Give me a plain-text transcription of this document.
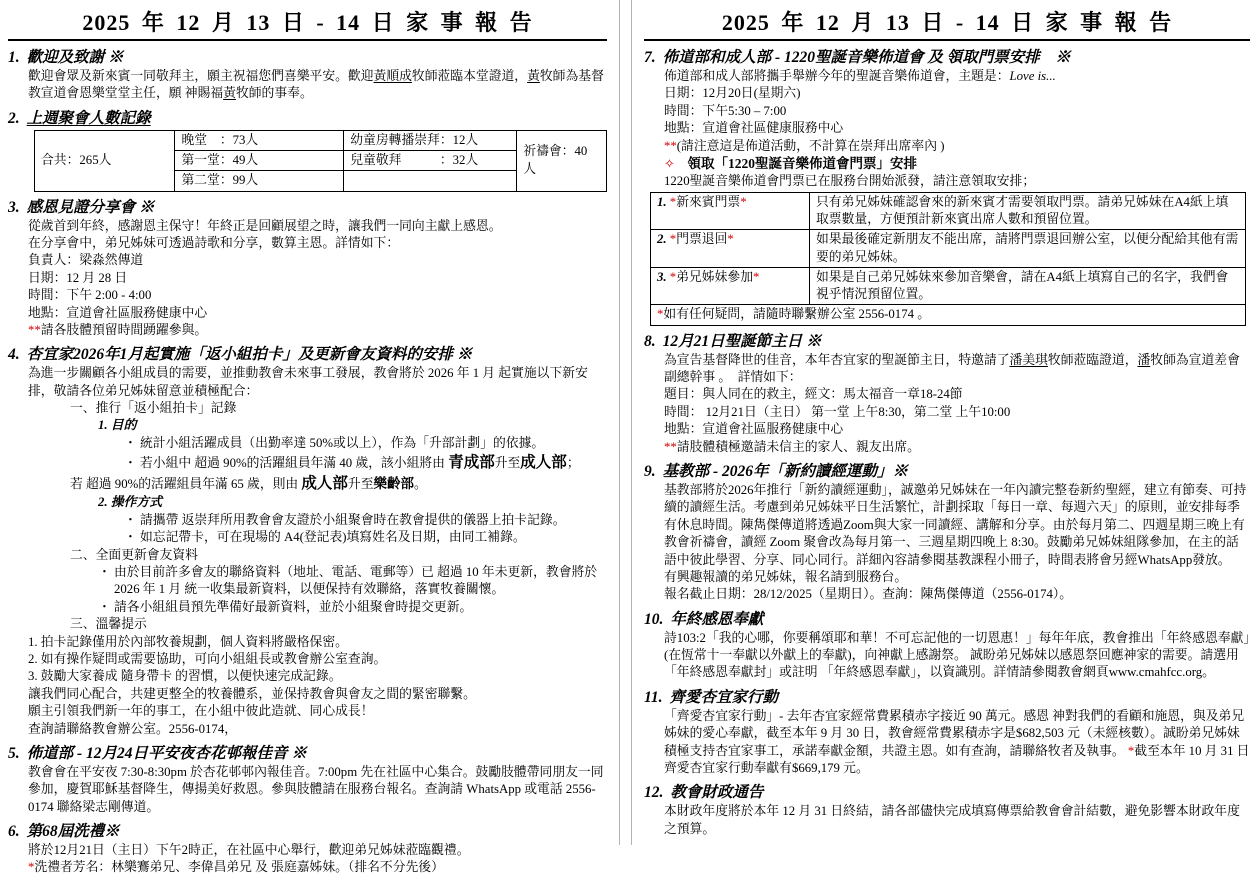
2025 年 12 月 13 日 - 14 日 家 事 報 告
1. 歡迎及致謝 ※
歡迎會眾及新來賓一同敬拜主，願主祝福您們喜樂平安。歡迎黃順成牧師蒞臨本堂證道，黃牧師為基督教宣道會恩樂堂堂主任，願 神賜福黃牧師的事奉。
2. 上週聚會人數記錄
合共：265人	晚堂　：73人	幼童房轉播崇拜：12人	祈禱會：40人
	第一堂：49人	兒童敬拜　　　：32人	
	第二堂：99人		
3. 感恩見證分享會 ※
從歲首到年終，感謝恩主保守！年終正是回顧展望之時，讓我們一同向主獻上感恩。
在分享會中，弟兄姊妹可透過詩歌和分享，數算主恩。詳情如下：
負責人：梁淼然傳道
日期：12 月 28 日
時間：下午 2:00 - 4:00
地點：宣道會社區服務健康中心
**請各肢體預留時間踴躍參與。
4. 杏宜家2026年1月起實施「返小組拍卡」及更新會友資料的安排 ※
為進一步關顧各小組成員的需要，並推動教會未來事工發展，教會將於 2026 年 1 月 起實施以下新安排，敬請各位弟兄姊妹留意並積極配合：
一、推行「返小組拍卡」記錄
1. 目的
・ 統計小組活躍成員（出勤率達 50%或以上），作為「升部計劃」的依據。
・ 若小組中 超過 90%的活躍組員年滿 40 歲，該小組將由 青成部升至成人部；
若 超過 90%的活躍組員年滿 65 歲，則由 成人部升至樂齡部。
2. 操作方式
・ 請攜帶 返崇拜所用教會會友證於小組聚會時在教會提供的儀器上拍卡記錄。
・ 如忘記帶卡，可在現場的 A4(登記表)填寫姓名及日期，由同工補錄。
二、全面更新會友資料
・ 由於目前許多會友的聯絡資料（地址、電話、電郵等）已 超過 10 年未更新，教會將於 2026 年 1 月 統一收集最新資料，以便保持有效聯絡，落實牧養關懷。
・ 請各小組組員預先準備好最新資料，並於小組聚會時提交更新。
三、溫馨提示
1. 拍卡記錄僅用於內部牧養規劃，個人資料將嚴格保密。
2. 如有操作疑問或需要協助，可向小組組長或教會辦公室查詢。
3. 鼓勵大家養成 隨身帶卡 的習慣，以便快速完成記錄。
讓我們同心配合，共建更整全的牧養體系，並保持教會與會友之間的緊密聯繫。
願主引領我們新一年的事工，在小組中彼此造就、同心成長！
查詢請聯絡教會辦公室。2556-0174，
5. 佈道部 - 12月24日平安夜杏花邨報佳音 ※
教會會在平安夜 7:30-8:30pm 於杏花邨邨內報佳音。7:00pm 先在社區中心集合。鼓勵肢體帶同朋友一同參加，慶賀耶穌基督降生，傳揚美好救恩。參與肢體請在服務台報名。查詢請 WhatsApp 或電話 2556-0174 聯絡梁志剛傳道。
6. 第68屆洗禮※
將於12月21日（主日）下午2時正，在社區中心舉行，歡迎弟兄姊妹蒞臨觀禮。
*洗禮者芳名：林樂鶱弟兄、李偉昌弟兄 及 張庭嘉姊妹。（排名不分先後）
2025 年 12 月 13 日 - 14 日 家 事 報 告
7. 佈道部和成人部 - 1220聖誕音樂佈道會 及 領取門票安排　※
佈道部和成人部將攜手舉辦今年的聖誕音樂佈道會，主題是：Love is...
日期：12月20日(星期六)
時間：下午5:30 – 7:00
地點：宣道會社區健康服務中心
**(請注意這是佈道活動，不計算在崇拜出席率內 )
✧　 領取「1220聖誕音樂佈道會門票」安排
1220聖誕音樂佈道會門票已在服務台開始派發，請注意領取安排；
1. *新來賓門票*	只有弟兄姊妹確認會來的新來賓才需要領取門票。請弟兄姊妹在A4紙上填取票數量，方便預計新來賓出席人數和預留位置。
2. *門票退回*	如果最後確定新朋友不能出席，請將門票退回辦公室，以便分配給其他有需要的弟兄姊妹。
3. *弟兄姊妹參加*	如果是自己弟兄姊妹來參加音樂會，請在A4紙上填寫自己的名字，我們會視乎情況預留位置。
*如有任何疑問，請隨時聯繫辦公室 2556-0174 。	
8. 12月21日聖誕節主日 ※
為宣告基督降世的佳音，本年杏宜家的聖誕節主日，特邀請了潘美琪牧師蒞臨證道，潘牧師為宣道差會副總幹事 。　詳情如下：
題目：與人同在的救主，經文：馬太福音一章18-24節
時間： 12月21日（主日） 第一堂 上午8:30，第二堂 上午10:00
地點：宣道會社區服務健康中心
**請肢體積極邀請未信主的家人、親友出席。
9. 基教部 - 2026年「新約讀經運動」※
基教部將於2026年推行「新約讀經運動」，誠邀弟兄姊妹在一年內讀完整卷新約聖經，建立有節奏、可持續的讀經生活。考慮到弟兄姊妹平日生活繁忙，計劃採取「每日一章、每週六天」的原則，並安排每季有休息時間。陳雋傑傳道將透過Zoom與大家一同讀經、講解和分享。由於每月第二、四週星期三晚上有教會祈禱會，讀經 Zoom 聚會改為每月第一、三週星期四晚上 8:30。鼓勵弟兄姊妹組隊參加，在主的話語中彼此學習、分享、同心同行。詳細內容請參閱基教課程小冊子，時間表將會另經WhatsApp發放。
有興趣報讀的弟兄姊妹，報名請到服務台。
報名截止日期：28/12/2025（星期日）。查詢：陳雋傑傳道（2556-0174）。
10. 年終感恩奉獻
詩103:2「我的心哪，你要稱頌耶和華！不可忘記他的一切恩惠！」每年年底，教會推出「年終感恩奉獻」(在恆常十一奉獻以外獻上的奉獻)，向神獻上感謝祭。 誠盼弟兄姊妹以感恩祭回應神家的需要。請選用「年終感恩奉獻封」或註明 「年終感恩奉獻」，以資識別。詳情請參閱教會網頁www.cmahfcc.org。
11. 齊愛杏宜家行動
「齊愛杏宜家行動」- 去年杏宜家經常費累積赤字接近 90 萬元。感恩 神對我們的看顧和施恩，與及弟兄姊妹的愛心奉獻，截至本年 9 月 30 日，教會經常費累積赤字是$682,503 元（未經核數）。誠盼弟兄姊妹積極支持杏宜家事工，承諾奉獻金額，共證主恩。如有查詢，請聯絡牧者及執事。 *截至本年 10 月 31 日齊愛杏宜家行動奉獻有$669,179 元。
12. 教會財政通告
本財政年度將於本年 12 月 31 日終結，請各部儘快完成填寫傳票給教會會計結數，避免影響本財政年度之預算。
